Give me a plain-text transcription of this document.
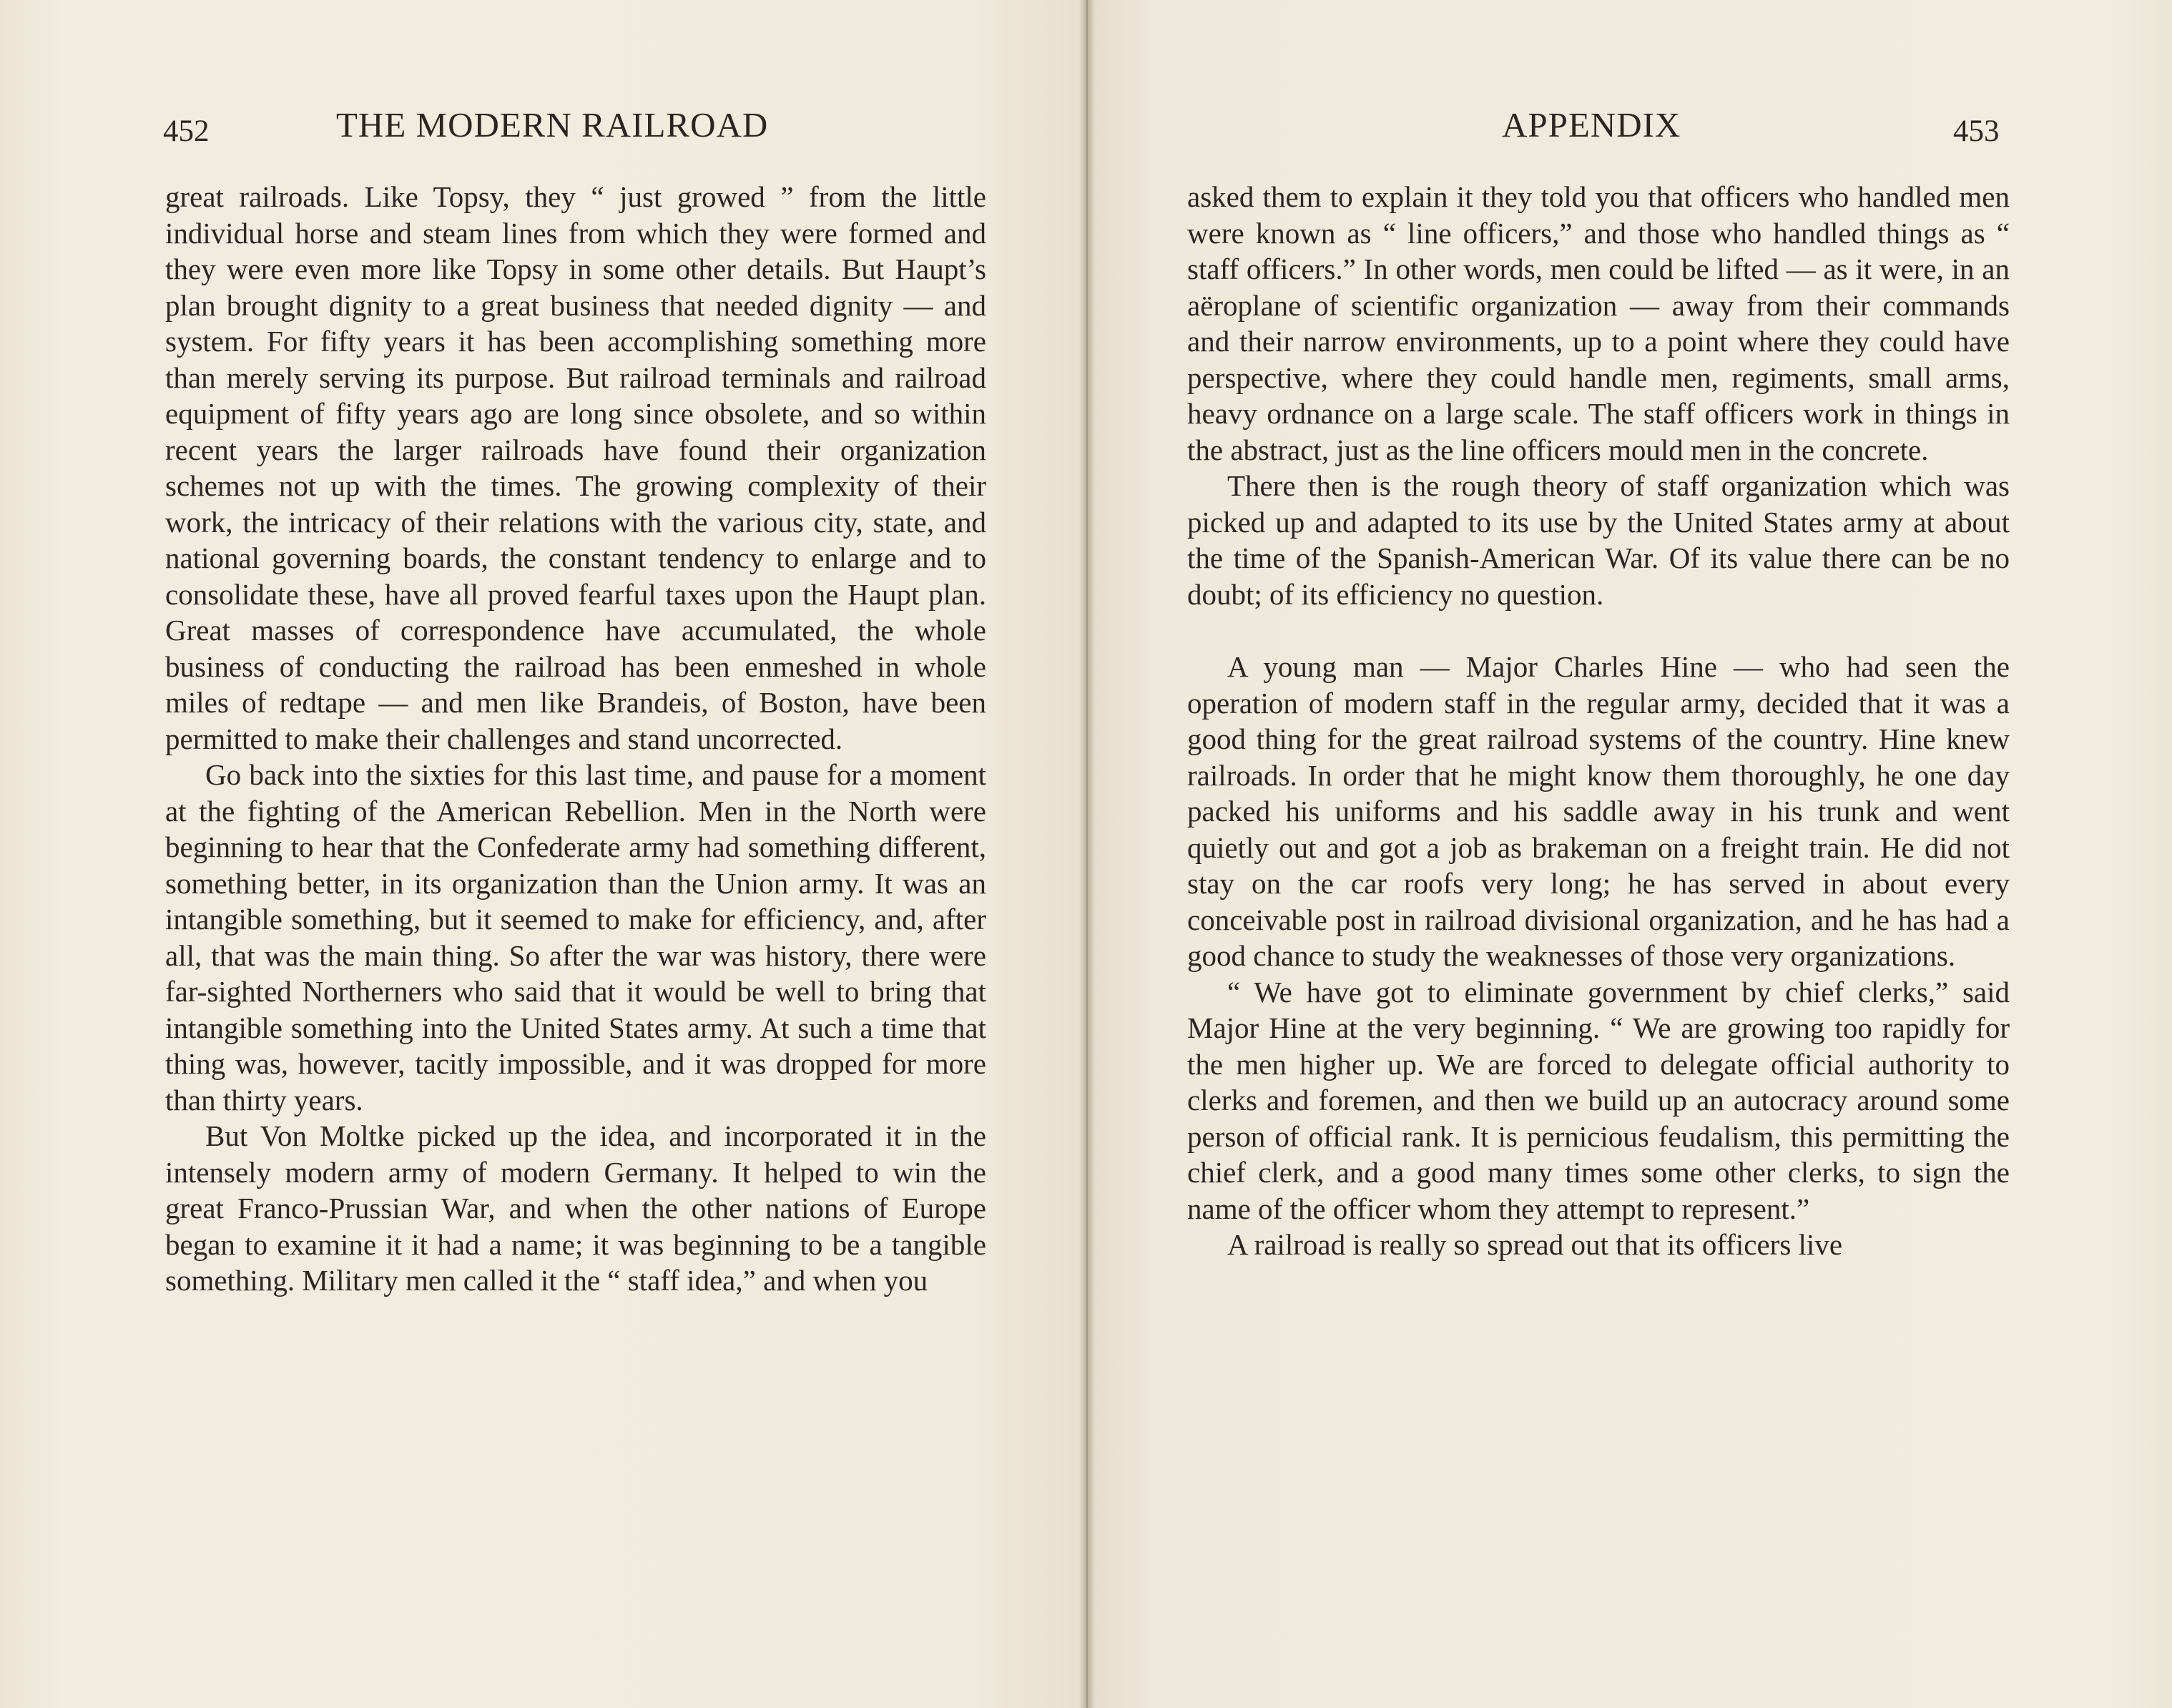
452	THE MODERN RAILROAD

great railroads. Like Topsy, they “ just growed ” from the little individual horse and steam lines from which they were formed and they were even more like Topsy in some other details. But Haupt’s plan brought dignity to a great business that needed dignity — and system. For fifty years it has been accomplishing something more than merely serving its purpose. But railroad terminals and railroad equipment of fifty years ago are long since obsolete, and so within recent years the larger railroads have found their organization schemes not up with the times. The growing complexity of their work, the intricacy of their relations with the various city, state, and national governing boards, the constant tendency to enlarge and to consolidate these, have all proved fearful taxes upon the Haupt plan. Great masses of correspondence have accumulated, the whole business of conducting the railroad has been enmeshed in whole miles of redtape — and men like Brandeis, of Boston, have been permitted to make their challenges and stand uncorrected.

Go back into the sixties for this last time, and pause for a moment at the fighting of the American Rebellion. Men in the North were beginning to hear that the Confederate army had something different, something better, in its organization than the Union army. It was an intangible something, but it seemed to make for efficiency, and, after all, that was the main thing. So after the war was history, there were far-sighted Northerners who said that it would be well to bring that intangible something into the United States army. At such a time that thing was, however, tacitly impossible, and it was dropped for more than thirty years.

But Von Moltke picked up the idea, and incorporated it in the intensely modern army of modern Germany. It helped to win the great Franco-Prussian War, and when the other nations of Europe began to examine it it had a name; it was beginning to be a tangible something. Military men called it the “ staff idea,” and when you

APPENDIX	453

asked them to explain it they told you that officers who handled men were known as “ line officers,” and those who handled things as “ staff officers.” In other words, men could be lifted — as it were, in an aëroplane of scientific organization — away from their commands and their narrow environments, up to a point where they could have perspective, where they could handle men, regiments, small arms, heavy ordnance on a large scale. The staff officers work in things in the abstract, just as the line officers mould men in the concrete.

There then is the rough theory of staff organization which was picked up and adapted to its use by the United States army at about the time of the Spanish-American War. Of its value there can be no doubt; of its efficiency no question.

A young man — Major Charles Hine — who had seen the operation of modern staff in the regular army, decided that it was a good thing for the great railroad systems of the country. Hine knew railroads. In order that he might know them thoroughly, he one day packed his uniforms and his saddle away in his trunk and went quietly out and got a job as brakeman on a freight train. He did not stay on the car roofs very long; he has served in about every conceivable post in railroad divisional organization, and he has had a good chance to study the weaknesses of those very organizations.

“ We have got to eliminate government by chief clerks,” said Major Hine at the very beginning. “ We are growing too rapidly for the men higher up. We are forced to delegate official authority to clerks and foremen, and then we build up an autocracy around some person of official rank. It is pernicious feudalism, this permitting the chief clerk, and a good many times some other clerks, to sign the name of the officer whom they attempt to represent.”

A railroad is really so spread out that its officers live
